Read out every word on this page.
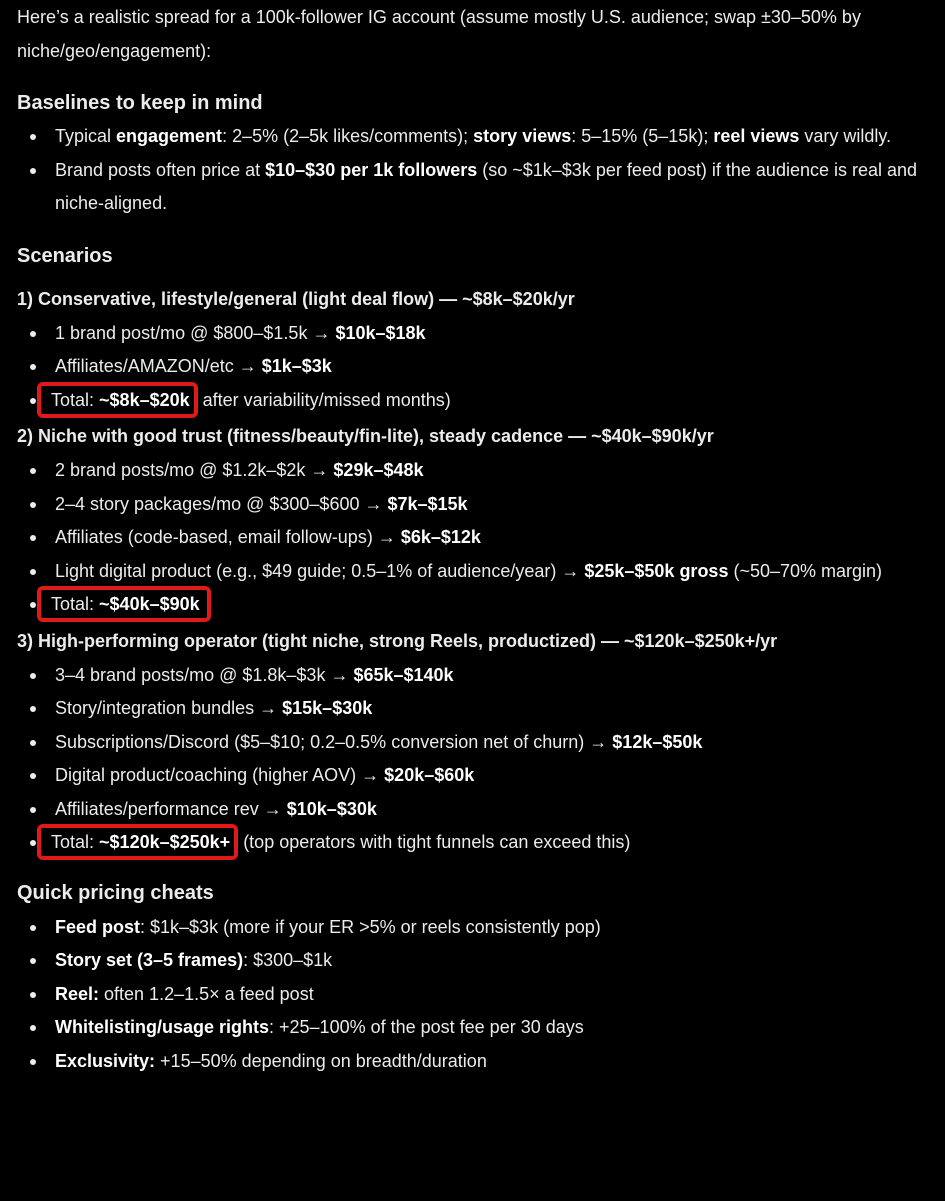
Here’s a realistic spread for a 100k-follower IG account (assume mostly U.S. audience; swap ±30–50% by niche/geo/engagement):

Baselines to keep in mind
Typical engagement: 2–5% (2–5k likes/comments); story views: 5–15% (5–15k); reel views vary wildly.
Brand posts often price at $10–$30 per 1k followers (so ~$1k–$3k per feed post) if the audience is real and niche-aligned.
Scenarios
1) Conservative, lifestyle/general (light deal flow) — ~$8k–$20k/yr
1 brand post/mo @ $800–$1.5k → $10k–$18k
Affiliates/AMAZON/etc → $1k–$3k
Total: ~$8k–$20k after variability/missed months)
2) Niche with good trust (fitness/beauty/fin-lite), steady cadence — ~$40k–$90k/yr
2 brand posts/mo @ $1.2k–$2k → $29k–$48k
2–4 story packages/mo @ $300–$600 → $7k–$15k
Affiliates (code-based, email follow-ups) → $6k–$12k
Light digital product (e.g., $49 guide; 0.5–1% of audience/year) → $25k–$50k gross (~50–70% margin)
Total: ~$40k–$90k
3) High-performing operator (tight niche, strong Reels, productized) — ~$120k–$250k+/yr
3–4 brand posts/mo @ $1.8k–$3k → $65k–$140k
Story/integration bundles → $15k–$30k
Subscriptions/Discord ($5–$10; 0.2–0.5% conversion net of churn) → $12k–$50k
Digital product/coaching (higher AOV) → $20k–$60k
Affiliates/performance rev → $10k–$30k
Total: ~$120k–$250k+ (top operators with tight funnels can exceed this)
Quick pricing cheats
Feed post: $1k–$3k (more if your ER >5% or reels consistently pop)
Story set (3–5 frames): $300–$1k
Reel: often 1.2–1.5× a feed post
Whitelisting/usage rights: +25–100% of the post fee per 30 days
Exclusivity: +15–50% depending on breadth/duration
